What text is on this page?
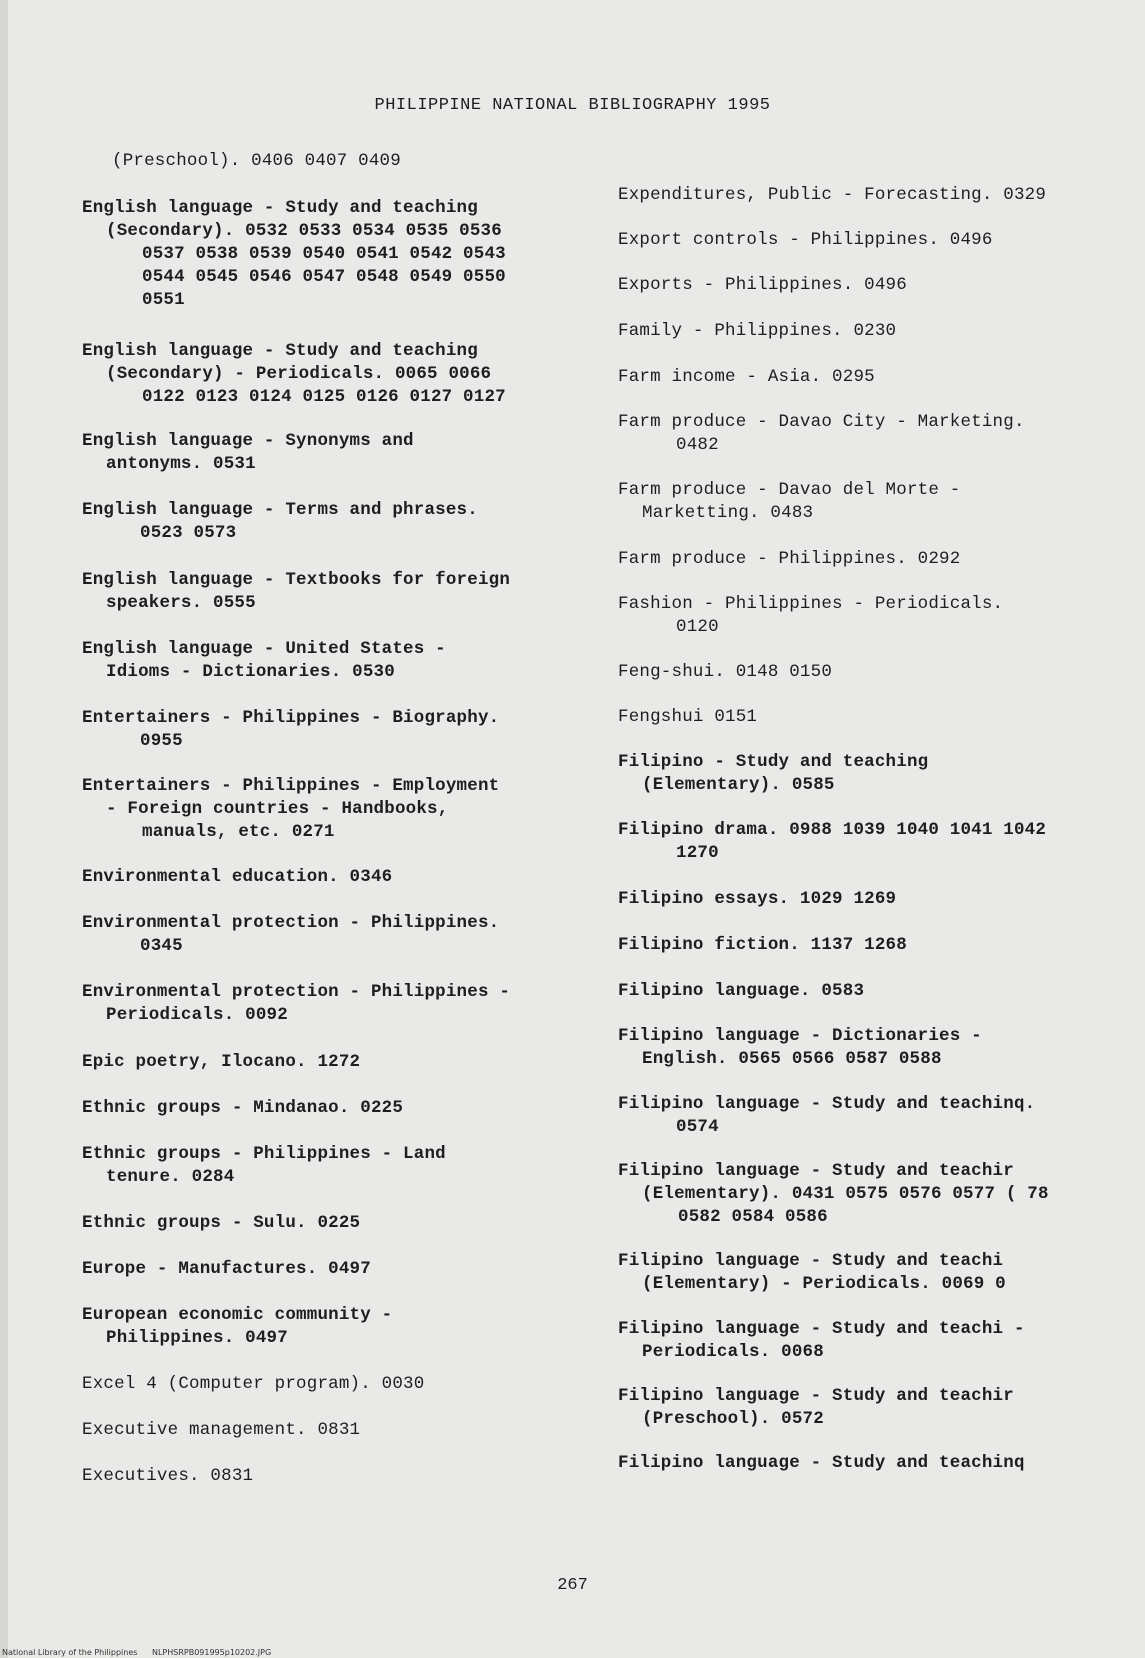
PHILIPPINE NATIONAL BIBLIOGRAPHY 1995
(Preschool). 0406 0407 0409
English language - Study and teaching
(Secondary). 0532 0533 0534 0535 0536
0537 0538 0539 0540 0541 0542 0543
0544 0545 0546 0547 0548 0549 0550
0551
English language - Study and teaching
(Secondary) - Periodicals. 0065 0066
0122 0123 0124 0125 0126 0127 0127
English language - Synonyms and
antonyms. 0531
English language - Terms and phrases.
0523 0573
English language - Textbooks for foreign
speakers. 0555
English language - United States -
Idioms - Dictionaries. 0530
Entertainers - Philippines - Biography.
0955
Entertainers - Philippines - Employment
- Foreign countries - Handbooks,
manuals, etc. 0271
Environmental education. 0346
Environmental protection - Philippines.
0345
Environmental protection - Philippines -
Periodicals. 0092
Epic poetry, Ilocano. 1272
Ethnic groups - Mindanao. 0225
Ethnic groups - Philippines - Land
tenure. 0284
Ethnic groups - Sulu. 0225
Europe - Manufactures. 0497
European economic community -
Philippines. 0497
Excel 4 (Computer program). 0030
Executive management. 0831
Executives. 0831
Expenditures, Public - Forecasting. 0329
Export controls - Philippines. 0496
Exports - Philippines. 0496
Family - Philippines. 0230
Farm income - Asia. 0295
Farm produce - Davao City - Marketing.
0482
Farm produce - Davao del Morte -
Marketting. 0483
Farm produce - Philippines. 0292
Fashion - Philippines - Periodicals.
0120
Feng-shui. 0148 0150
Fengshui 0151
Filipino - Study and teaching
(Elementary). 0585
Filipino drama. 0988 1039 1040 1041 1042
1270
Filipino essays. 1029 1269
Filipino fiction. 1137 1268
Filipino language. 0583
Filipino language - Dictionaries -
English. 0565 0566 0587 0588
Filipino language - Study and teachinq.
0574
Filipino language - Study and teachir
(Elementary). 0431 0575 0576 0577 ( 78
0582 0584 0586
Filipino language - Study and teachi
(Elementary) - Periodicals. 0069 0
Filipino language - Study and teachi -
Periodicals. 0068
Filipino language - Study and teachir
(Preschool). 0572
Filipino language - Study and teachinq
267
National Library of the Philippines NLPHSRPB091995p10202.JPG
